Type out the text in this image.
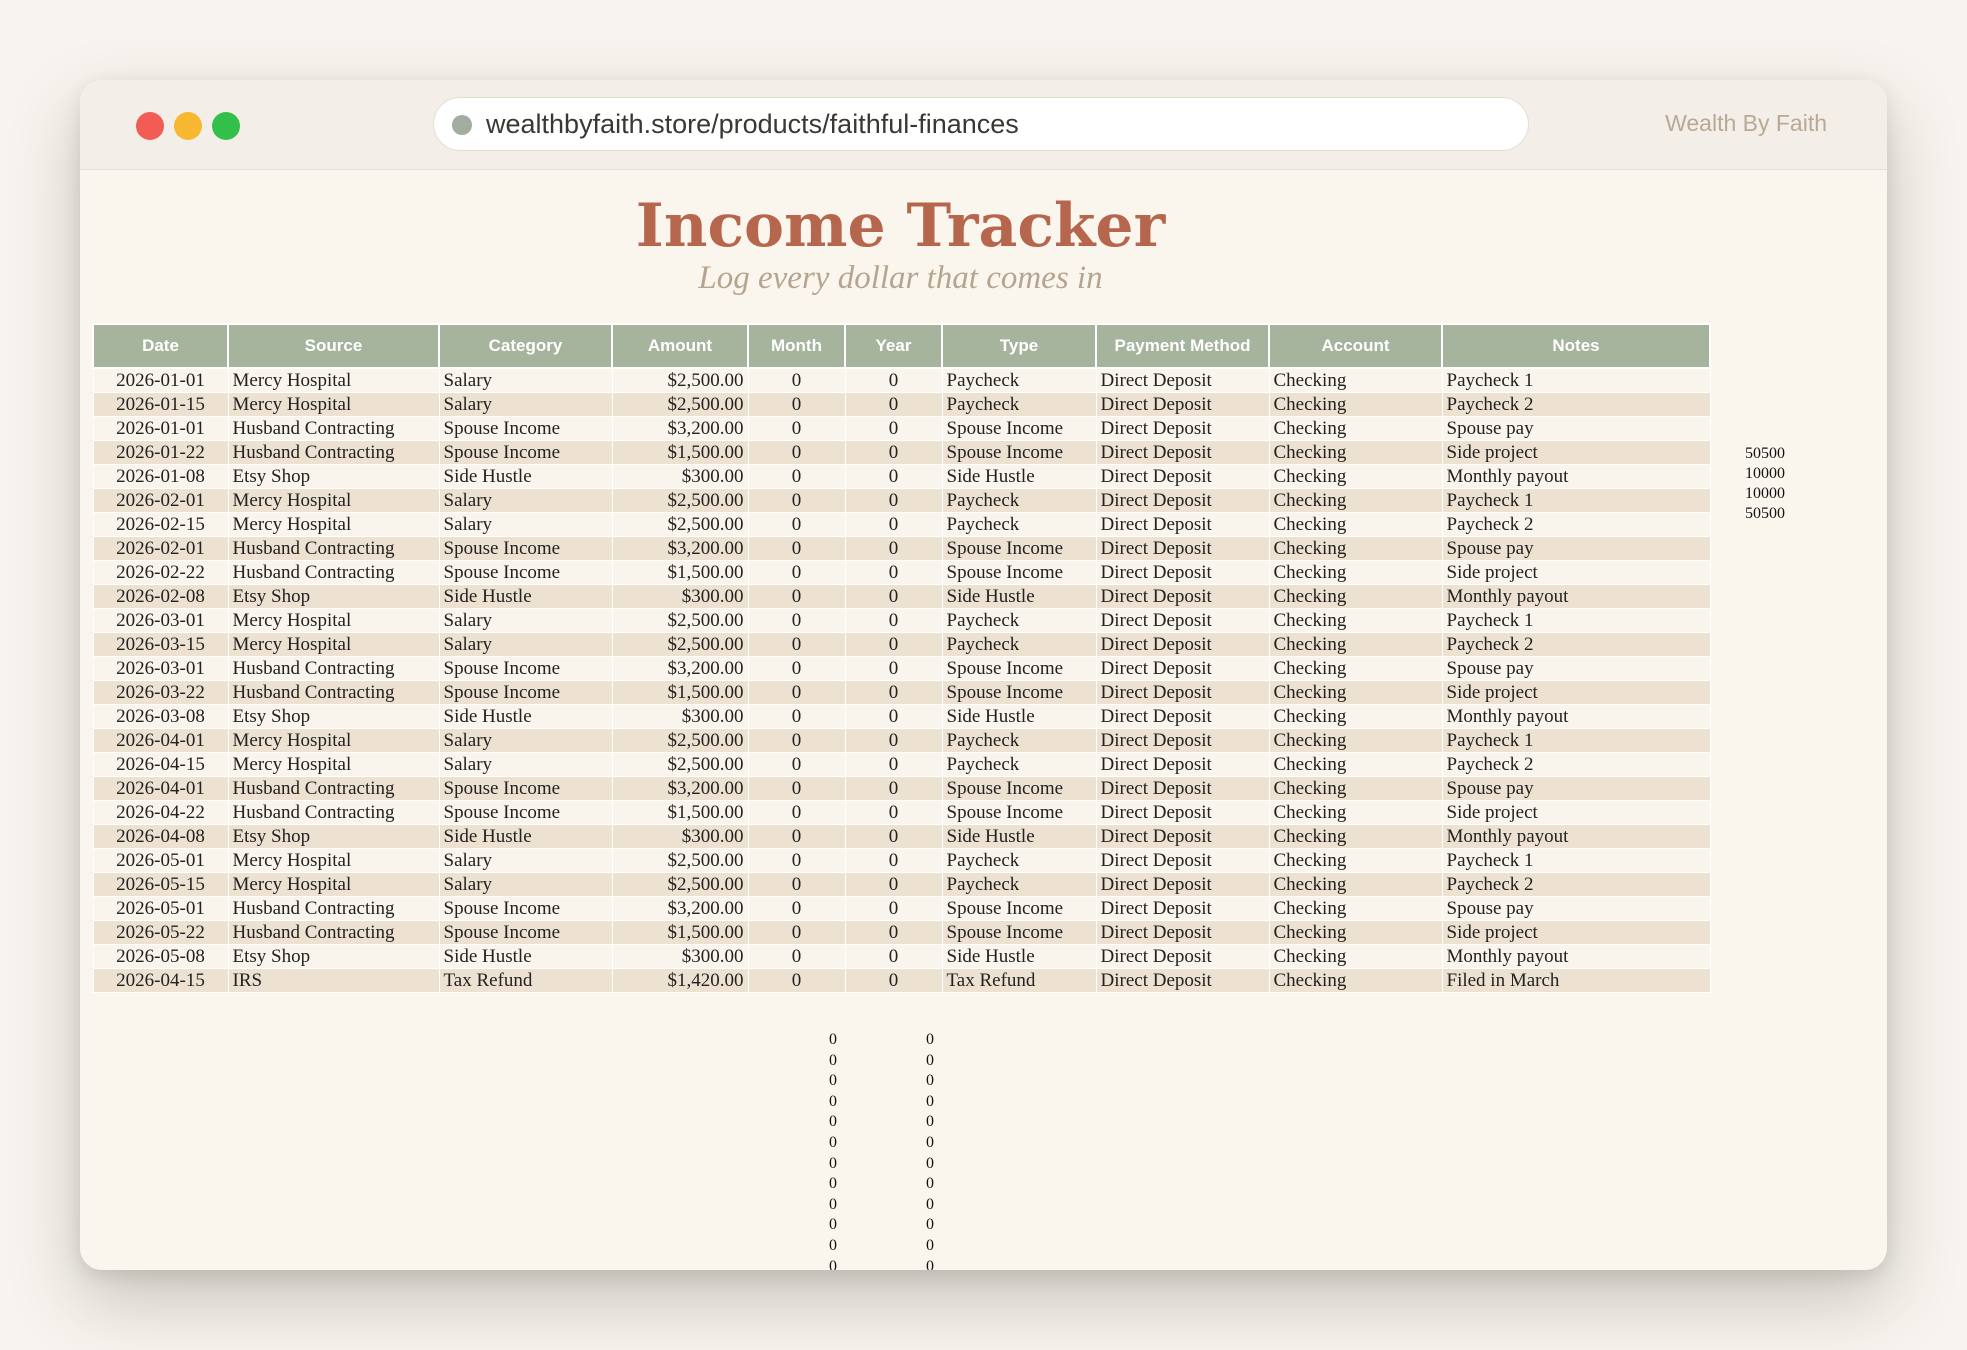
wealthbyfaith.store/products/faithful-finances	Wealth By Faith
Income Tracker
Log every dollar that comes in
Date	Source	Category	Amount	Month	Year	Type	Payment Method	Account	Notes
2026-01-01	Mercy Hospital	Salary	$2,500.00	0	0	Paycheck	Direct Deposit	Checking	Paycheck 1
2026-01-15	Mercy Hospital	Salary	$2,500.00	0	0	Paycheck	Direct Deposit	Checking	Paycheck 2
2026-01-01	Husband Contracting	Spouse Income	$3,200.00	0	0	Spouse Income	Direct Deposit	Checking	Spouse pay
2026-01-22	Husband Contracting	Spouse Income	$1,500.00	0	0	Spouse Income	Direct Deposit	Checking	Side project
2026-01-08	Etsy Shop	Side Hustle	$300.00	0	0	Side Hustle	Direct Deposit	Checking	Monthly payout
2026-02-01	Mercy Hospital	Salary	$2,500.00	0	0	Paycheck	Direct Deposit	Checking	Paycheck 1
2026-02-15	Mercy Hospital	Salary	$2,500.00	0	0	Paycheck	Direct Deposit	Checking	Paycheck 2
2026-02-01	Husband Contracting	Spouse Income	$3,200.00	0	0	Spouse Income	Direct Deposit	Checking	Spouse pay
2026-02-22	Husband Contracting	Spouse Income	$1,500.00	0	0	Spouse Income	Direct Deposit	Checking	Side project
2026-02-08	Etsy Shop	Side Hustle	$300.00	0	0	Side Hustle	Direct Deposit	Checking	Monthly payout
2026-03-01	Mercy Hospital	Salary	$2,500.00	0	0	Paycheck	Direct Deposit	Checking	Paycheck 1
2026-03-15	Mercy Hospital	Salary	$2,500.00	0	0	Paycheck	Direct Deposit	Checking	Paycheck 2
2026-03-01	Husband Contracting	Spouse Income	$3,200.00	0	0	Spouse Income	Direct Deposit	Checking	Spouse pay
2026-03-22	Husband Contracting	Spouse Income	$1,500.00	0	0	Spouse Income	Direct Deposit	Checking	Side project
2026-03-08	Etsy Shop	Side Hustle	$300.00	0	0	Side Hustle	Direct Deposit	Checking	Monthly payout
2026-04-01	Mercy Hospital	Salary	$2,500.00	0	0	Paycheck	Direct Deposit	Checking	Paycheck 1
2026-04-15	Mercy Hospital	Salary	$2,500.00	0	0	Paycheck	Direct Deposit	Checking	Paycheck 2
2026-04-01	Husband Contracting	Spouse Income	$3,200.00	0	0	Spouse Income	Direct Deposit	Checking	Spouse pay
2026-04-22	Husband Contracting	Spouse Income	$1,500.00	0	0	Spouse Income	Direct Deposit	Checking	Side project
2026-04-08	Etsy Shop	Side Hustle	$300.00	0	0	Side Hustle	Direct Deposit	Checking	Monthly payout
2026-05-01	Mercy Hospital	Salary	$2,500.00	0	0	Paycheck	Direct Deposit	Checking	Paycheck 1
2026-05-15	Mercy Hospital	Salary	$2,500.00	0	0	Paycheck	Direct Deposit	Checking	Paycheck 2
2026-05-01	Husband Contracting	Spouse Income	$3,200.00	0	0	Spouse Income	Direct Deposit	Checking	Spouse pay
2026-05-22	Husband Contracting	Spouse Income	$1,500.00	0	0	Spouse Income	Direct Deposit	Checking	Side project
2026-05-08	Etsy Shop	Side Hustle	$300.00	0	0	Side Hustle	Direct Deposit	Checking	Monthly payout
2026-04-15	IRS	Tax Refund	$1,420.00	0	0	Tax Refund	Direct Deposit	Checking	Filed in March
50500
10000
10000
50500
0
0
0
0
0
0
0
0
0
0
0
0
0
0
0
0
0
0
0
0
0
0
0
0
